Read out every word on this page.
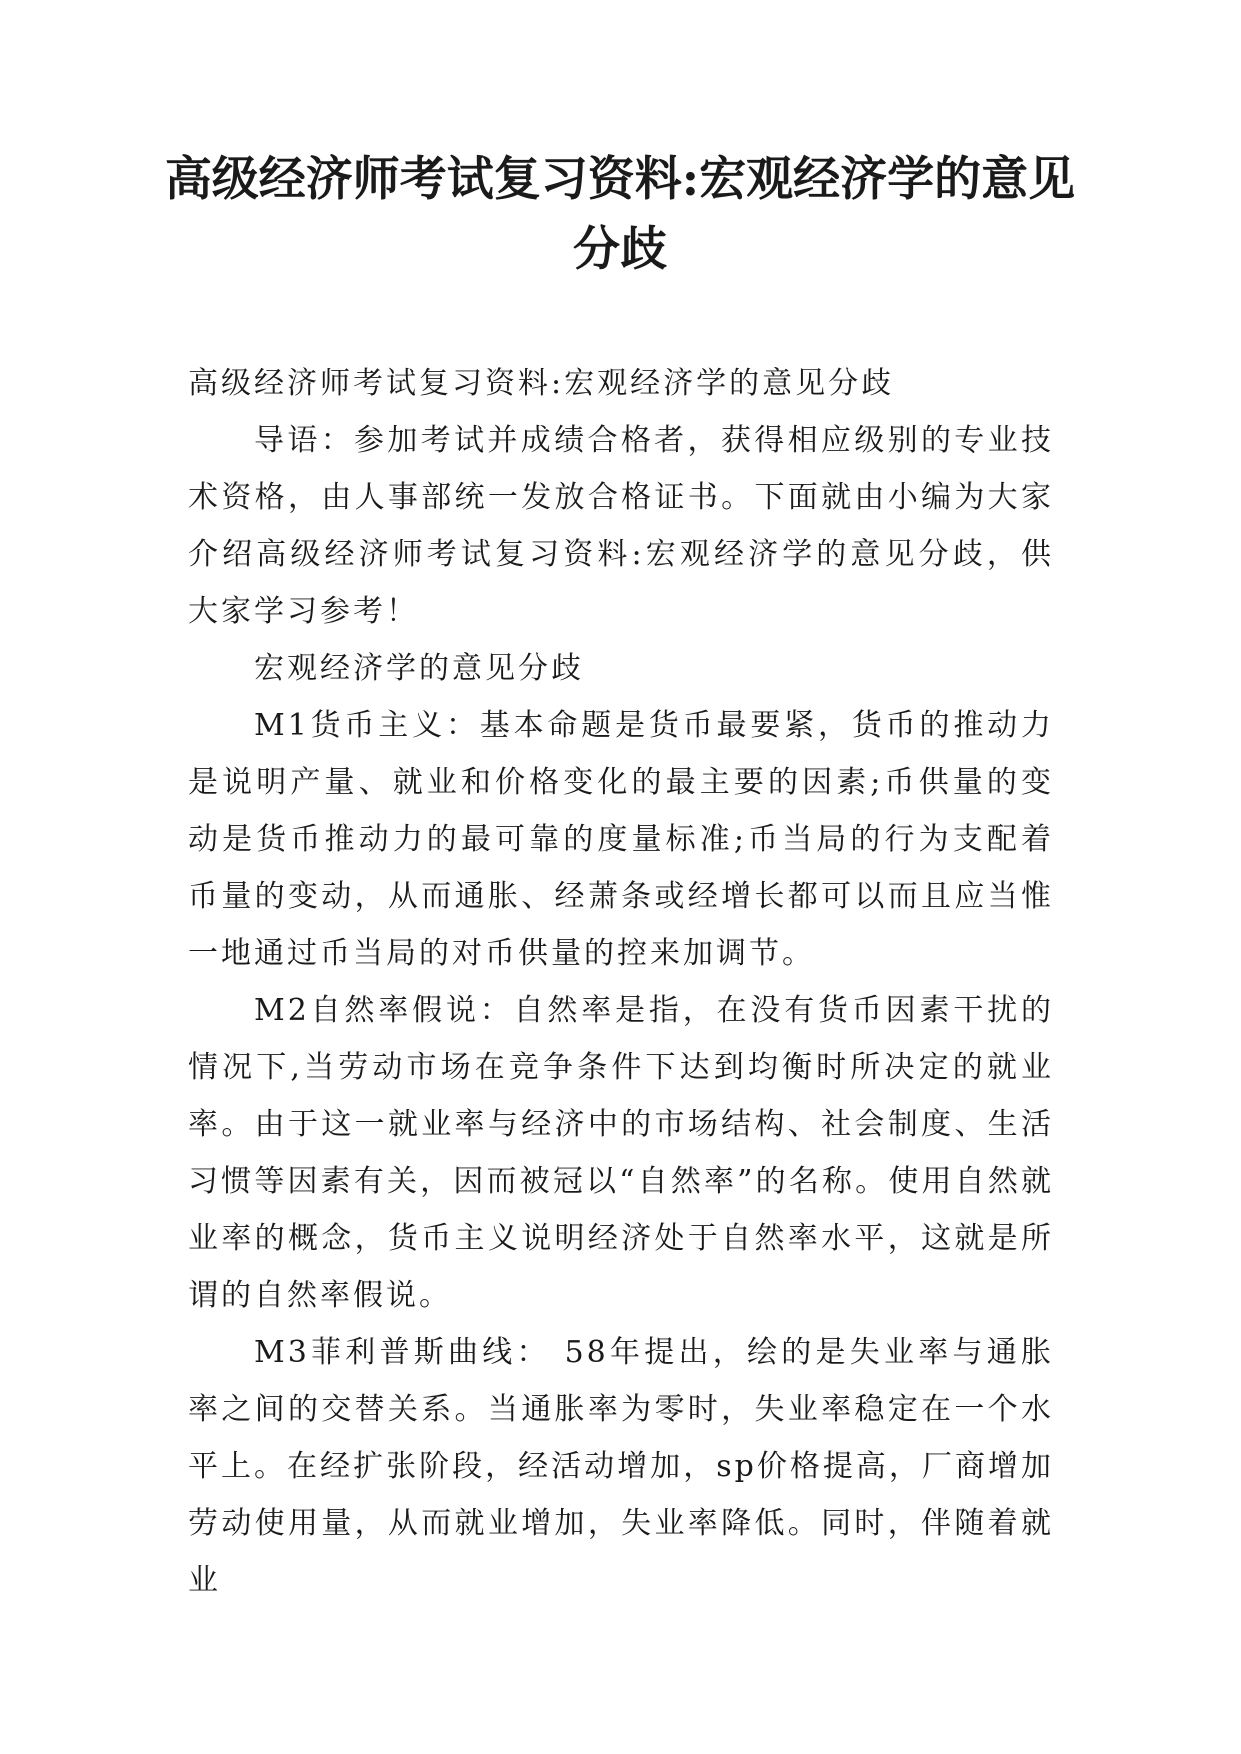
高级经济师考试复习资料:宏观经济学的意见分歧

高级经济师考试复习资料:宏观经济学的意见分歧

导语：参加考试并成绩合格者，获得相应级别的专业技术资格，由人事部统一发放合格证书。下面就由小编为大家介绍高级经济师考试复习资料:宏观经济学的意见分歧，供大家学习参考！

宏观经济学的意见分歧

M1货币主义：基本命题是货币最要紧，货币的推动力是说明产量、就业和价格变化的最主要的因素;币供量的变动是货币推动力的最可靠的度量标准;币当局的行为支配着币量的变动，从而通胀、经萧条或经增长都可以而且应当惟一地通过币当局的对币供量的控来加调节。

M2自然率假说：自然率是指，在没有货币因素干扰的情况下,当劳动市场在竞争条件下达到均衡时所决定的就业率。由于这一就业率与经济中的市场结构、社会制度、生活习惯等因素有关，因而被冠以“自然率”的名称。使用自然就业率的概念，货币主义说明经济处于自然率水平，这就是所谓的自然率假说。

M3菲利普斯曲线： 58年提出，绘的是失业率与通胀率之间的交替关系。当通胀率为零时，失业率稳定在一个水平上。在经扩张阶段，经活动增加，sp价格提高，厂商增加劳动使用量，从而就业增加，失业率降低。同时，伴随着就业
